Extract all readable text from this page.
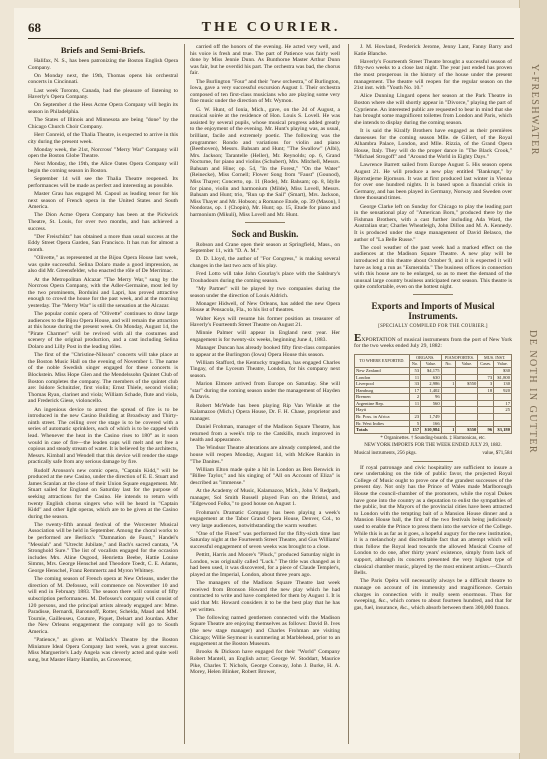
Y-FRESHWATER
DE NOTH IN GUTTER
68	THE COURIER.
Briefs and Semi-Briefs.

Halifax, N. S., has been patronizing the Boston English Opera Company.

On Monday next, the 19th, Thomas opens his orchestral concerts in Cincinnati.

Last week Toronto, Canada, had the pleasure of listening to Haverly's Opera Company.

On September 4 the Hess Acme Opera Company will begin its season in Philadelphia.

The States of Illinois and Minnesota are being "done" by the Chicago Church Choir Company.

Herr Conreid, of the Thalia Theatre, is expected to arrive in this city during the present week.

Monday week, the 21st, Norcross' "Merry War" Company will open the Boston Globe Theatre.

Next Monday, the 19th, the Alice Oates Opera Company will begin the coming season in Boston.

September 14 will see the Thalia Theatre reopened. Its performances will be made as perfect and interesting as possible.

Master Grau has engaged M. Capoul as leading tenor for his next season of French opera in the United States and South America.

The Dion Acme Opera Company has been at the Pickwick Theatre, St. Louis, for over two months, and has achieved a success.

"Der Freischütz" has obtained a more than usual success at the Eddy Street Opera Garden, San Francisco. It has run for almost a month.

"Olivette," as represented at the Bijou Opera House last week, was quite successful. Selina Dolaro made a good impression, as also did Mr. Greensfelder, who enacted the rôle of De Merrimac.

At the Metropolitan Alcazar "The Merry War," sung by the Norcross Opera Company, with the Adler-Germaine, most led by the two prominents, Borduini and Lapri, has proved attractive enough to crowd the house for the past week, and at the morning yesterday. The "Merry War" is still the sensation at the Alcazar.

The popular comic opera of "Olivette" continues to draw large audiences to the Bijou Opera House, and will remain the attraction at this house during the present week. On Monday, August 14, the "Pirate Charmer" will be revived with all the costumes and scenery of the original production, and a cast including Selina Dolaro and Lilly Post in the leading rôles.

The first of the "Christine-Nilsson" concerts will take place at the Boston Music Hall on the evening of November 1. The name of the noble Swedish singer engaged for these concerts is Blockstein. Miss Hope Glen and the Mendelssohn Quintet Club of Boston completes the company. The members of the quintet club are: Isidore Schnitzler, first violin; Ernst Thiele, second violin; Thomas Ryan, clarinet and viola; William Schade, flute and viola, and Frederick Giese, violoncello.

An ingenious device to arrest the spread of fire is to be introduced in the new Casino Building at Broadway and Thirty-ninth street. The ceiling over the stage is to be covered with a series of automatic sprinklers, each of which is to be capped with lead. Whenever the heat in the Casino rises to 180° as it soon would in case of fire—the leaden caps will melt and set free a copious and steady stream of water. It is believed by the architects, Messrs. Kimball and Wendell that this device will render the stage practically safe from any serious damage by fire.

Rudolf Aronson's new comic opera, "Captain Kidd," will be produced at the new Casino, under the direction of E. E. Stuart and James Scanlan at the close of their Union Square engagement. Mr. Stuart sailed for England on Saturday last for the purpose of seeking attractions for the Casino. He intends to return with twenty English chorus singers who will be heard in "Captain Kidd" and other light operas, which are to be given at the Casino during the season.

The twenty-fifth annual festival of the Worcester Musical Association will be held in September. Among the choral works to be performed are Berlioz's "Damnation de Faust," Handel's "Messiah" and "Utrecht Jubilate," and Bach's sacred cantata, "A Stronghold Sure." The list of vocalists engaged for the occasion includes Mrs. Aline Osgood, Henrietta Beebe, Hattie Louise Simms, Mrs. George Henschel and Theodore Toedt, C. E. Adams, George Henschel, Franz Remmertz and Myron Whitney.

The coming season of French opera at New Orleans, under the direction of M. Defossez, will commence on November 10 and will end in February 1883. The season there will consist of fifty subscription performances. M. Defossez's company will consist of 120 persons, and the principal artists already engaged are: Mme. Paradisse, Bernardi, Baronnoff, Rotter, Schelda, Maud and MM. Tournie, Gailleuseu, Couture, Piquet, Delsart and Jourdan. After the New Orleans engagement the company will go to South America.

"Patience," as given at Wallack's Theatre by the Boston Miniature Ideal Opera Company last week, was a great success. Miss Marguerite's Lady Angela was cleverly acted and quite well sung, but Master Harry Hamlin, as Grosvenor,

carried off the honors of the evening. He acted very well, and his voice is fresh and true. The part of Patience was fairly well done by Miss Jennie Dunn. As Bunthorne Master Arthur Dunn was fair, but he overdid his part. The orchestra was bad, the chorus fair.

The Burlington "Four" and their "new orchestra," of Burlington, Iowa, gave a very successful excursion August 1. Their orchestra composed of ten first-class musicians who are playing some very fine music under the direction of Mr. Wymon.

G. W. Hunt, of Ionia, Mich., gave, on the 2d of August, a musical soirée at the residence of Hon. Louis S. Lovell. He was assisted by several pupils, whose musical progress added greatly to the enjoyment of the evening. Mr. Hunt's playing was, as usual, brilliant, facile and extremely poetic. The following was the programme: Rondo and variations for violin and piano (Beethoven), Messrs. Bahsam and Hunt; "The Swallow" (Albi), Mrs. Jackson; Tarantelle (Heller), Mr. Reynolds; op. 6, Grand Nocturne, for piano and violins (Schubert), Mrs. Mitchell, Messrs. Bahsam and Hine; op. 54, "In the Forest," "On the Water" (Reinecke), Miss Cornell; Flower Song from "Faust" (Gounod), Miss Thayer; Concerto, op. 11 (Rode), Mr. Bahsam; op. 8, Idylle for piano, violin and harmonium (Milde), Miss Lovell, Messrs. Bahsam and Hunt; trio, "Run up the Sail" (Smart), Mrs. Jackson, Miss Thayer and Mr. Hobson; a Romance Etude, op. 39 (Mason), I Nondoras, op. 1 (Chopin), Mr. Hunt; op. 15, Etude for piano and harmonium (Mikuli), Miss Lovell and Mr. Hunt.

Sock and Buskin.

Robson and Crane open their season at Springfield, Mass., on September 11, with "D. A. M."

D. D. Lloyd, the author of "For Congress," is making several changes in the last two acts of his play.

Fred Lotto will take John Gourlay's place with the Salsbury's Troubadours during the coming season.

"My Partner" will be played by two companies during the season under the direction of Louis Aldrich.

Monager Hidwell, of New Orleans, has added the new Opera House at Pensacola, Fla., to his list of theatres.

Walter Keys will resume his former position as treasurer of Haverly's Fourteenth Street Theatre on August 21.

Minnie Palmer will appear in England next year. Her engagement is for twenty-six weeks, beginning June 4, 1883.

Manager Duncan has already booked fifty first-class companies to appear at the Burlington (Iowa) Opera House this season.

William Stafford, the Kentucky tragedian, has engaged Charles Tingay, of the Lyceum Theatre, London, for his company next season.

Marion Elmore arrived from Europe on Saturday. She will "star" during the coming season under the management of Hayden & Davis.

Robert McWade has been playing Rip Van Winkle at the Kalamazoo (Mich.) Opera House, Dr. F. H. Chase, proprietor and manager.

Daniel Frohman, manager of the Madison Square Theatre, has returned from a week's trip to the Catskills, much improved in health and appearance.

The Windsor Theatre alterations are already completed, and the house will reopen Monday, August 14, with McKee Rankin in "The Danites."

William Elton made quite a hit in London as Ben Benwick in "Billee Taylor," and his singing of "All on Account of Eliza" is described as "immense."

At the Academy of Music, Kalamazoo, Mich., John V. Redpath, manager, Sol Smith Russell played Fun on the Bristol, and "Edgewood Folks," to good house on August 1.

Frohman's Dramatic Company has been playing a week's engagement at the Tabor Grand Opera House, Denver, Col., to very large audiences, notwithstanding the warm weather.

"One of the Finest" was performed for the fifty-sixth time last Saturday night at the Fourteenth Street Theatre, and Gus Williams' successful engagement of seven weeks was brought to a close.

Pettitt, Harris and Moore's "Pluck," produced Saturday night in London, was originally called "Luck." The title was changed as it had been used, it was discovered, for a piece of Claude Templer's, played at the Imperial, London, about three years ago.

The managers of the Madison Square Theatre last week received from Bronson Howard the new play which he had contracted to write and have completed for them by August 1. It is said that Mr. Howard considers it to be the best play that he has yet written.

The following named gentlemen connected with the Madison Square Theatre are enjoying themselves as follows: David B. Ives (the new stage manager) and Charles Frohman are visiting Chicago; Willie Seymour is summering at Marblehead, prior to an engagement at the Boston Museum.

Brooks & Dickson have engaged for their "World" Company Robert Mantell, an English actor; George W. Stoddart, Maurice Pike, Charles T. Nichols, George Conway, John J. Burke, H. A. Morey, Helen Blinker, Robert Brower,

J. M. Howland, Frederick Jerome, Jenny Lant, Fanny Barry and Katie Blanche.

Haverly's Fourteenth Street Theatre brought a successful season of fifty-two weeks to a close last night. The year just ended has proven the most prosperous in the history of the house under the present management. The theatre will reopen for the regular season on the 21st inst. with "Youth No. 10."

Alice Dunning Lingard opens her season at the Park Theatre in Boston where she will shortly appear in "Divorce," playing the part of Cyprienne. An interested public are requested to bear in mind that she has brought some magnificent toilettes from London and Paris, which she intends to display during the coming season.

It is said the Kiralfy Brothers have engaged as their premières danseuses for the coming season Mlle. de Gillert, of the Royal Alhambra Palace, London, and Mlle. Rizzia, of the Grand Opera House, Italy. They will do the proper dance in "The Black Crook," "Michael Strogoff" and "Around the World in Eighty Days."

Lawrence Barrett sailed from Europe August 5. His season opens August 21. He will produce a new play entitled "Bankrupt," by Bjornstjerne Bjornson. It was at first produced last winter in Vienna for over one hundred nights. It is based upon a financial crisis in Germany, and has been played in Germany, Norway and Sweden over three thousand times.

George Clarke left on Sunday for Chicago to play the leading part in the sensational play of "American Born," produced there by the Fishman Brothers, with a cast further including Ada Ward, the Australian star; Charles Wheatleigh, John Dillon and M. A. Kennedy. It is produced under the stage management of David Belasco, the author of "La Belle Russe."

The cool weather of the past week had a marked effect on the audiences at the Madison Square Theatre. A new play will be introduced at this theatre about October 9, and it is expected it will have as long a run as "Esmeralda." The business offices in connection with this house are to be enlarged, so as to meet the demand of the unusual large country business anticipated next season. This theatre is quite comfortable, even on the hottest night.

Exports and Imports of Musical Instruments.
[SPECIALLY COMPILED FOR THE COURIER.]

EXPORTATION of musical instruments from the port of New York for the two weeks ended July 29, 1882:

TO WHERE EXPORTED.	ORGANS.		PIANOFORTES.		MUS. INST.	
	No.	Value.	No.	Value.	Cases.	Value.
New Zealand	53	$4,175				$30
London	11	630			73	$1,800
Liverpool	33	2,986	1	$550	3	130
Hamburg	17	1,402			18	920
Bremen	2	96				
Argentine Rep.	11	560				17
Hayti						25
Br. Poss. in Africa	23	1,749				
Br. West Indies	5	166				
Totals	157	$10,984	1	$550	96	$3,180
* Organinettes. † Sounding-boards. ‡ Harmonicas, etc.
NEW YORK IMPORTS FOR THE WEEK ENDED JULY 29, 1882.
Musical instruments, 256 pkgs.	value, $71,584

If royal patronage and civic hospitality are sufficient to insure a new undertaking on the tide of public favor, the projected Royal College of Music ought to prove one of the grandest successes of the present day. Not only has the Prince of Wales made Marlborough House the council-chamber of the promoters, while the royal Dukes have gone into the country as a deputation to enlist the sympathies of the public, but the Mayors of the provincial cities have been attracted to London with the tempting bait of a Mansion House dinner and a Mansion House ball, the first of the two festivals being judiciously used to enable the Prince to press them into the service of the College. While this is as far as it goes, a hopeful augury for the new institution, it is a melancholy and discreditable fact that an attempt which will thus follow the Royal lead towards the allowed Musical Course of London to do one, after thirty years' existence, simply from lack of support, although its concerts presented the very highest type of classical chamber music, played by the most eminent artists.—Church Bells.

The Paris Opéra will necessarily always be a difficult theatre to manage on account of its immensity and magnificence. Certain charges in connection with it really seem enormous. Thus for sweeping, &c., which comes to about fourteen hundred, and that for gas, fuel, insurance, &c., which absorb between them 300,000 francs.
